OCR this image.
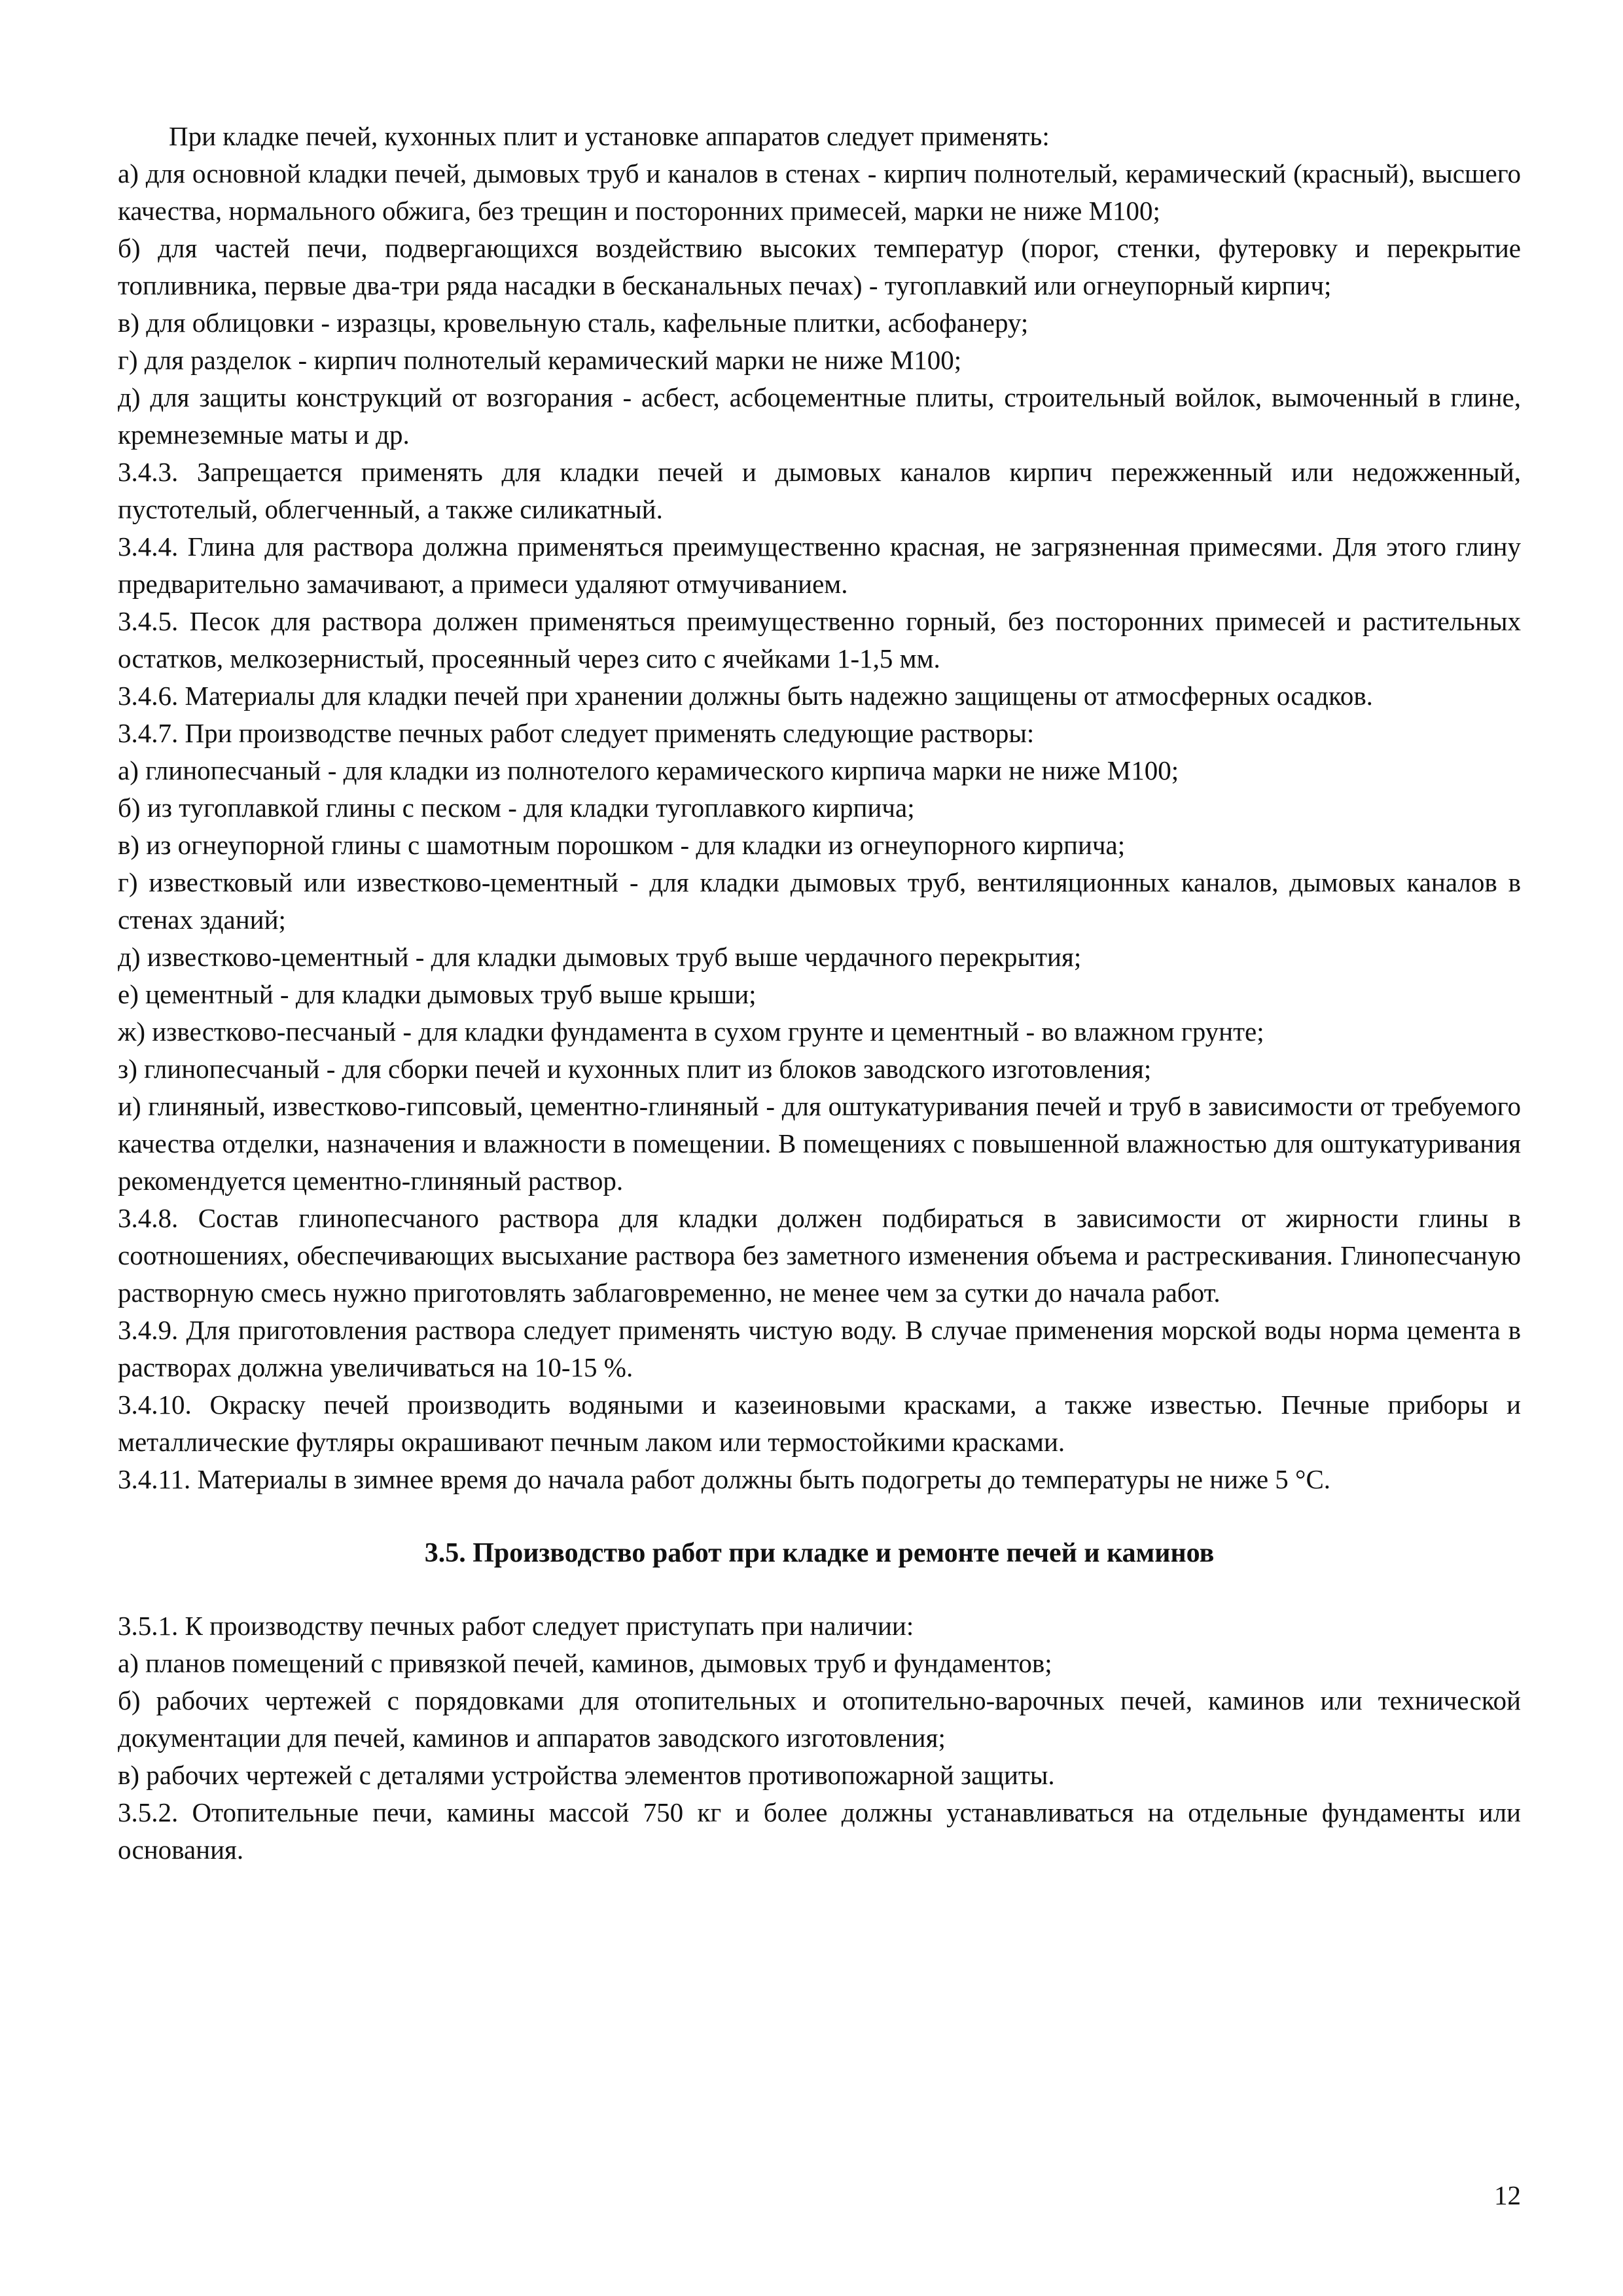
При кладке печей, кухонных плит и установке аппаратов следует применять:

а) для основной кладки печей, дымовых труб и каналов в стенах - кирпич полнотелый, керамический (красный), высшего качества, нормального обжига, без трещин и посторонних примесей, марки не ниже М100;

б) для частей печи, подвергающихся воздействию высоких температур (порог, стенки, футеровку и перекрытие топливника, первые два-три ряда насадки в бесканальных печах) - тугоплавкий или огнеупорный кирпич;

в) для облицовки - изразцы, кровельную сталь, кафельные плитки, асбофанеру;

г) для разделок - кирпич полнотелый керамический марки не ниже М100;

д) для защиты конструкций от возгорания - асбест, асбоцементные плиты, строительный войлок, вымоченный в глине, кремнеземные маты и др.

3.4.3. Запрещается применять для кладки печей и дымовых каналов кирпич пережженный или недожженный, пустотелый, облегченный, а также силикатный.

3.4.4. Глина для раствора должна применяться преимущественно красная, не загрязненная примесями. Для этого глину предварительно замачивают, а примеси удаляют отмучиванием.

3.4.5. Песок для раствора должен применяться преимущественно горный, без посторонних примесей и растительных остатков, мелкозернистый, просеянный через сито с ячейками 1-1,5 мм.

3.4.6. Материалы для кладки печей при хранении должны быть надежно защищены от атмосферных осадков.

3.4.7. При производстве печных работ следует применять следующие растворы:

а) глинопесчаный - для кладки из полнотелого керамического кирпича марки не ниже М100;

б) из тугоплавкой глины с песком - для кладки тугоплавкого кирпича;

в) из огнеупорной глины с шамотным порошком - для кладки из огнеупорного кирпича;

г) известковый или известково-цементный - для кладки дымовых труб, вентиляционных каналов, дымовых каналов в стенах зданий;

д) известково-цементный - для кладки дымовых труб выше чердачного перекрытия;

е) цементный - для кладки дымовых труб выше крыши;

ж) известково-песчаный - для кладки фундамента в сухом грунте и цементный - во влажном грунте;

з) глинопесчаный - для сборки печей и кухонных плит из блоков заводского изготовления;

и) глиняный, известково-гипсовый, цементно-глиняный - для оштукатуривания печей и труб в зависимости от требуемого качества отделки, назначения и влажности в помещении. В помещениях с повышенной влажностью для оштукатуривания рекомендуется цементно-глиняный раствор.

3.4.8. Состав глинопесчаного раствора для кладки должен подбираться в зависимости от жирности глины в соотношениях, обеспечивающих высыхание раствора без заметного изменения объема и растрескивания. Глинопесчаную растворную смесь нужно приготовлять заблаговременно, не менее чем за сутки до начала работ.

3.4.9. Для приготовления раствора следует применять чистую воду. В случае применения морской воды норма цемента в растворах должна увеличиваться на 10-15 %.

3.4.10. Окраску печей производить водяными и казеиновыми красками, а также известью. Печные приборы и металлические футляры окрашивают печным лаком или термостойкими красками.

3.4.11. Материалы в зимнее время до начала работ должны быть подогреты до температуры не ниже 5 °С.

3.5. Производство работ при кладке и ремонте печей и каминов

3.5.1. К производству печных работ следует приступать при наличии:

а) планов помещений с привязкой печей, каминов, дымовых труб и фундаментов;

б) рабочих чертежей с порядовками для отопительных и отопительно-варочных печей, каминов или технической документации для печей, каминов и аппаратов заводского изготовления;

в) рабочих чертежей с деталями устройства элементов противопожарной защиты.

3.5.2. Отопительные печи, камины массой 750 кг и более должны устанавливаться на отдельные фундаменты или основания.

12
